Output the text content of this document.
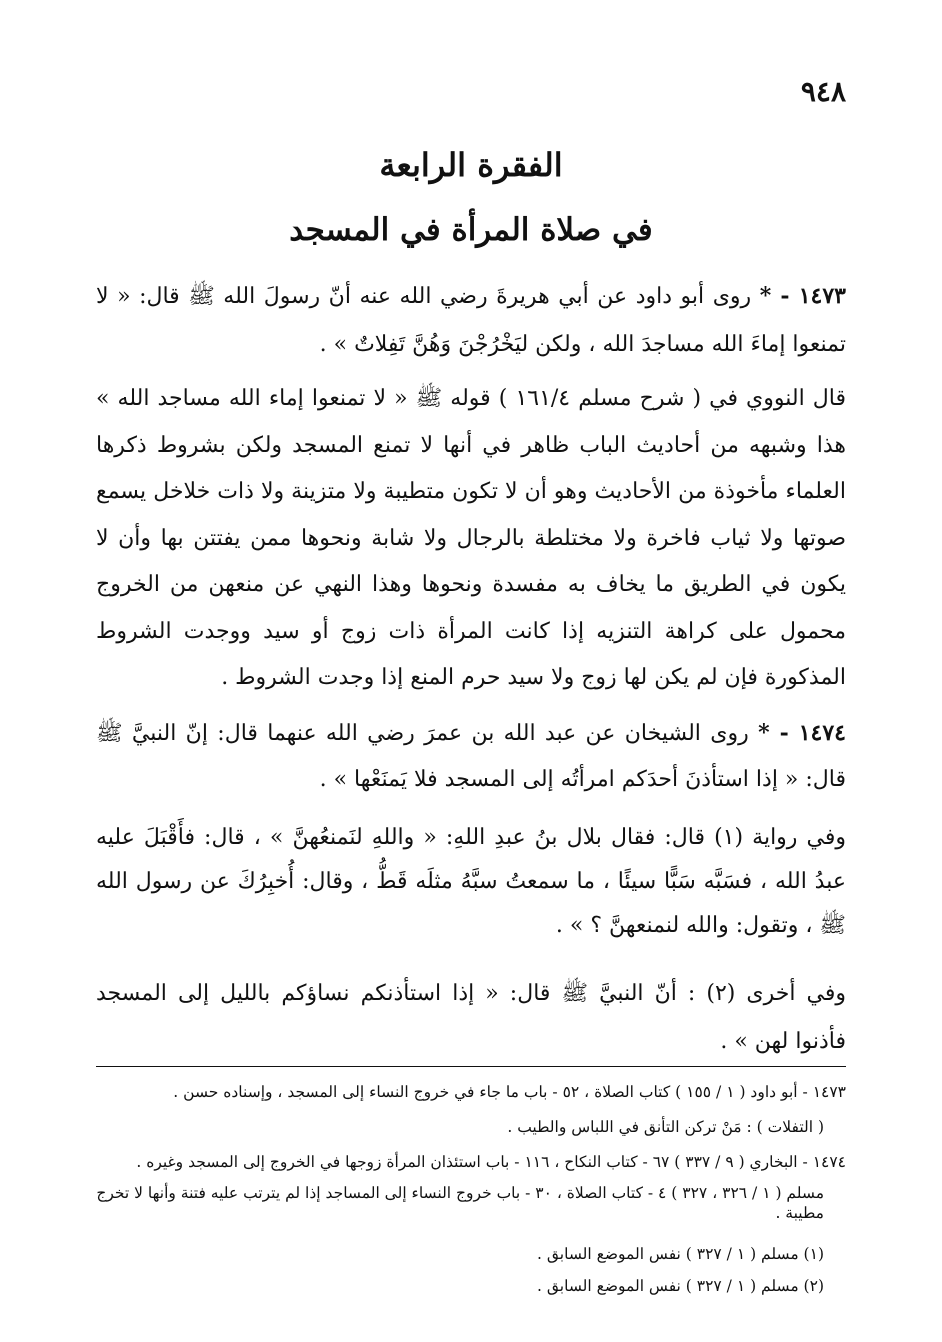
٩٤٨
الفقرة الرابعة
في صلاة المرأة في المسجد
١٤٧٣ - * روى أبو داود عن أبي هريرةَ رضي الله عنه أنّ رسولَ الله ﷺ قال: « لا تمنعوا إماءَ الله مساجدَ الله ، ولكن ليَخْرُجْنَ وَهُنَّ تَفِلاتٌ » .
قال النووي في ( شرح مسلم ١٦١/٤ ) قوله ﷺ « لا تمنعوا إماء الله مساجد الله » هذا وشبهه من أحاديث الباب ظاهر في أنها لا تمنع المسجد ولكن بشروط ذكرها العلماء مأخوذة من الأحاديث وهو أن لا تكون متطيبة ولا متزينة ولا ذات خلاخل يسمع صوتها ولا ثياب فاخرة ولا مختلطة بالرجال ولا شابة ونحوها ممن يفتتن بها وأن لا يكون في الطريق ما يخاف به مفسدة ونحوها وهذا النهي عن منعهن من الخروج محمول على كراهة التنزيه إذا كانت المرأة ذات زوج أو سيد ووجدت الشروط المذكورة فإن لم يكن لها زوج ولا سيد حرم المنع إذا وجدت الشروط .
١٤٧٤ - * روى الشيخان عن عبد الله بن عمرَ رضي الله عنهما قال: إنّ النبيَّ ﷺ قال: « إذا استأذنَ أحدَكم امرأتُه إلى المسجد فلا يَمنَعْها » .
وفي رواية (١) قال: فقال بلال بنُ عبدِ اللهِ: « واللهِ لنَمنعُهنَّ » ، قال: فأَقْبَلَ عليه عبدُ الله ، فسَبَّه سَبًّا سيئًا ، ما سمعتُ سبَّهُ مثلَه قَطُّ ، وقال: أُخبِرُكَ عن رسول الله ﷺ ، وتقول: والله لنمنعهنَّ ؟ » .
وفي أخرى (٢) : أنّ النبيَّ ﷺ قال: « إذا استأذنكم نساؤكم بالليل إلى المسجد فأذنوا لهن » .
١٤٧٣ - أبو داود ( ١ / ١٥٥ ) كتاب الصلاة ، ٥٢ - باب ما جاء في خروج النساء إلى المسجد ، وإسناده حسن .
( التفلات ) : مَنْ تركن التأنق في اللباس والطيب .
١٤٧٤ - البخاري ( ٩ / ٣٣٧ ) ٦٧ - كتاب النكاح ، ١١٦ - باب استئذان المرأة زوجها في الخروج إلى المسجد وغيره .
مسلم ( ١ / ٣٢٦ ، ٣٢٧ ) ٤ - كتاب الصلاة ، ٣٠ - باب خروج النساء إلى المساجد إذا لم يترتب عليه فتنة وأنها لا تخرج مطيبة .
(١) مسلم ( ١ / ٣٢٧ ) نفس الموضع السابق .
(٢) مسلم ( ١ / ٣٢٧ ) نفس الموضع السابق .
